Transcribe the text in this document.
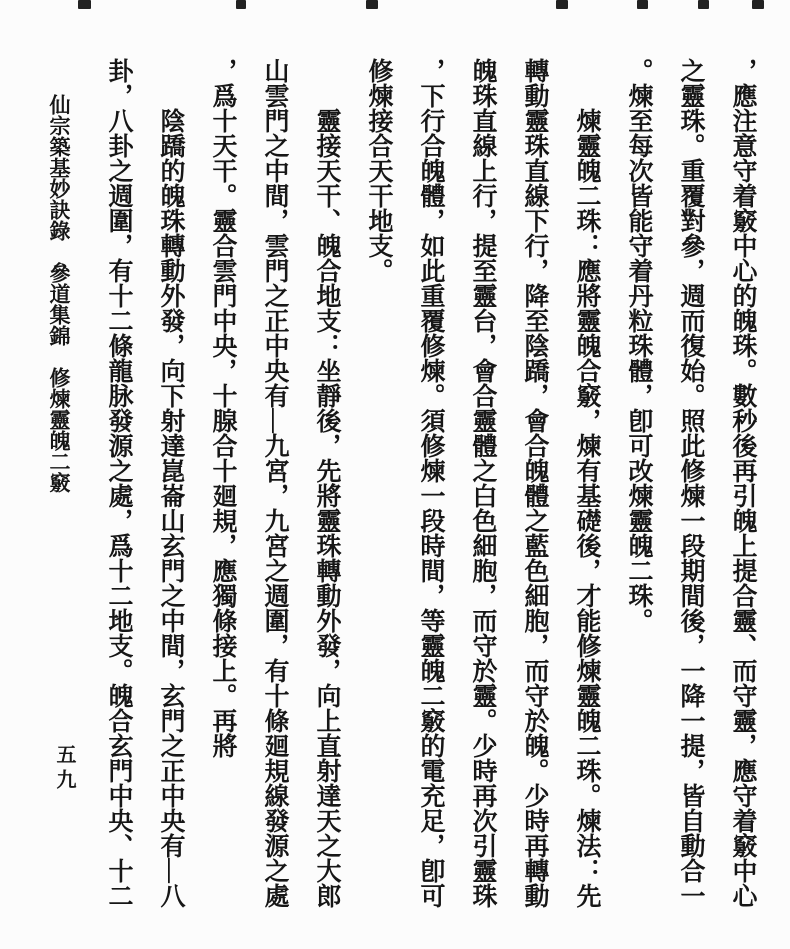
，應注意守着竅中心的魄珠。數秒後再引魄上提合靈、而守靈，應守着竅中心之靈珠。重覆對參，週而復始。照此修煉一段期間後，一降一提，皆自動合一。煉至每次皆能守着丹粒珠體，卽可改煉靈魄二珠。

煉靈魄二珠：應將靈魄合竅，煉有基礎後，才能修煉靈魄二珠。煉法：先轉動靈珠直線下行，降至陰蹻，會合魄體之藍色細胞，而守於魄。少時再轉動魄珠直線上行，提至靈台，會合靈體之白色細胞，而守於靈。少時再次引靈珠，下行合魄體，如此重覆修煉。須修煉一段時間，等靈魄二竅的電充足，卽可修煉接合天干地支。

靈接天干、魄合地支：坐靜後，先將靈珠轉動外發，向上直射達天之大郎山雲門之中間，雲門之正中央有—九宮，九宮之週圍，有十條廻規線發源之處，爲十天干。靈合雲門中央，十腺合十廻規，應獨條接上。再將

陰蹻的魄珠轉動外發，向下射達崑崙山玄門之中間，玄門之正中央有—八卦，八卦之週圍，有十二條龍脉發源之處，爲十二地支。魄合玄門中央、十二

仙宗築基妙訣錄　參道集錦　修煉靈魄二竅
五九
